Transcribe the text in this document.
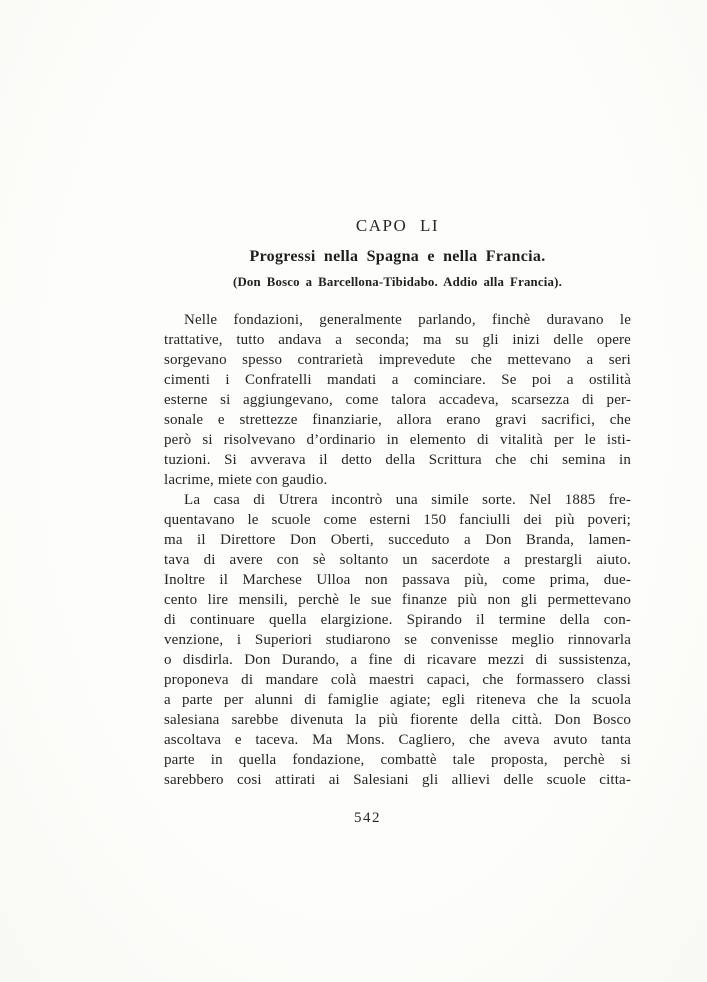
CAPO LI
Progressi nella Spagna e nella Francia.
(Don Bosco a Barcellona-Tibidabo. Addio alla Francia).
Nelle fondazioni, generalmente parlando, finchè duravano le
trattative, tutto andava a seconda; ma su gli inizi delle opere
sorgevano spesso contrarietà imprevedute che mettevano a seri
cimenti i Confratelli mandati a cominciare. Se poi a ostilità
esterne si aggiungevano, come talora accadeva, scarsezza di per-
sonale e strettezze finanziarie, allora erano gravi sacrifici, che
però si risolvevano d’ordinario in elemento di vitalità per le isti-
tuzioni. Si avverava il detto della Scrittura che chi semina in
lacrime, miete con gaudio.
La casa di Utrera incontrò una simile sorte. Nel 1885 fre-
quentavano le scuole come esterni 150 fanciulli dei più poveri;
ma il Direttore Don Oberti, succeduto a Don Branda, lamen-
tava di avere con sè soltanto un sacerdote a prestargli aiuto.
Inoltre il Marchese Ulloa non passava più, come prima, due-
cento lire mensili, perchè le sue finanze più non gli permettevano
di continuare quella elargizione. Spirando il termine della con-
venzione, i Superiori studiarono se convenisse meglio rinnovarla
o disdirla. Don Durando, a fine di ricavare mezzi di sussistenza,
proponeva di mandare colà maestri capaci, che formassero classi
a parte per alunni di famiglie agiate; egli riteneva che la scuola
salesiana sarebbe divenuta la più fiorente della città. Don Bosco
ascoltava e taceva. Ma Mons. Cagliero, che aveva avuto tanta
parte in quella fondazione, combattè tale proposta, perchè si
sarebbero cosi attirati ai Salesiani gli allievi delle scuole citta-
542
